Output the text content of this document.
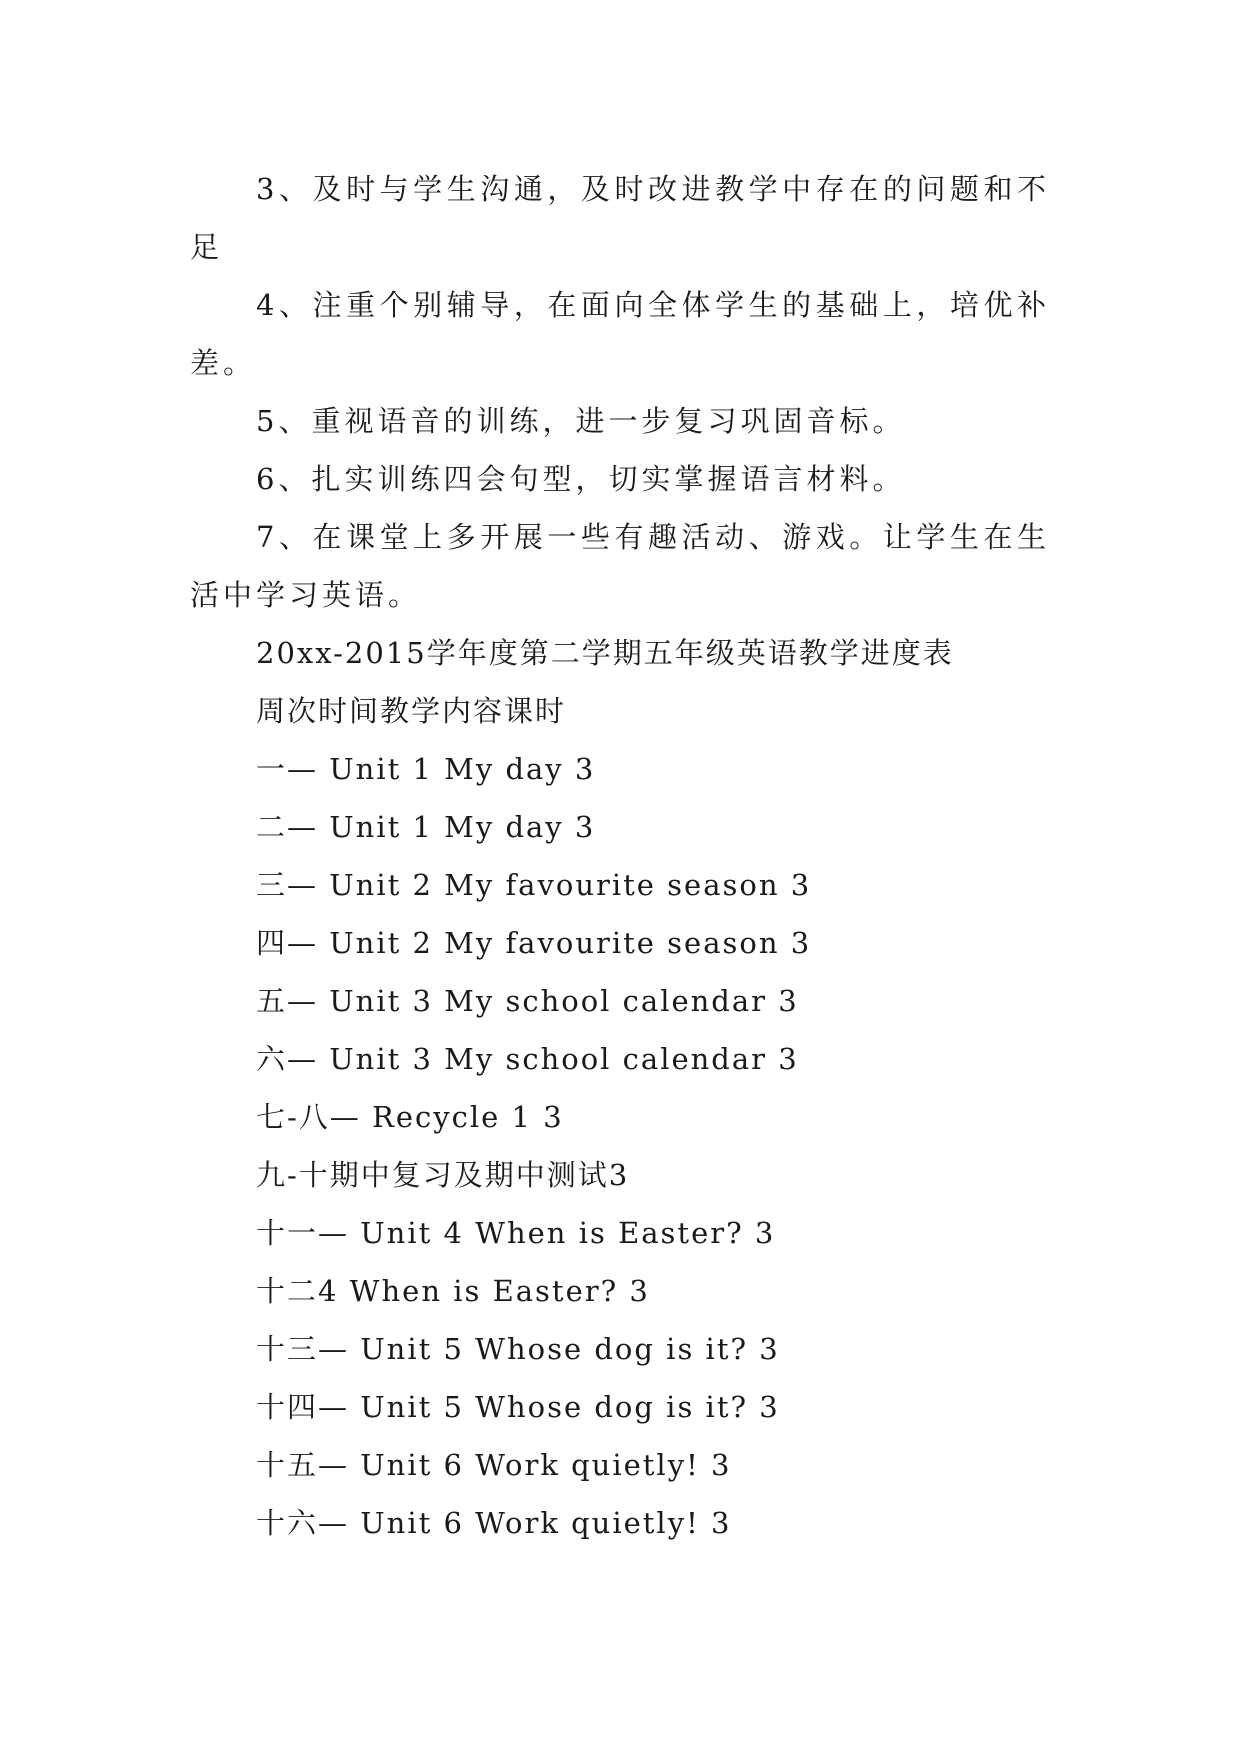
3、及时与学生沟通，及时改进教学中存在的问题和不足

4、注重个别辅导，在面向全体学生的基础上，培优补差。

5、重视语音的训练，进一步复习巩固音标。

6、扎实训练四会句型，切实掌握语言材料。

7、在课堂上多开展一些有趣活动、游戏。让学生在生活中学习英语。

20xx-2015学年度第二学期五年级英语教学进度表

周次时间教学内容课时

一— Unit 1 My day 3

二— Unit 1 My day 3

三— Unit 2 My favourite season 3

四— Unit 2 My favourite season 3

五— Unit 3 My school calendar 3

六— Unit 3 My school calendar 3

七-八— Recycle 1 3

九-十期中复习及期中测试3

十一— Unit 4 When is Easter? 3

十二4 When is Easter? 3

十三— Unit 5 Whose dog is it? 3

十四— Unit 5 Whose dog is it? 3

十五— Unit 6 Work quietly! 3

十六— Unit 6 Work quietly! 3
